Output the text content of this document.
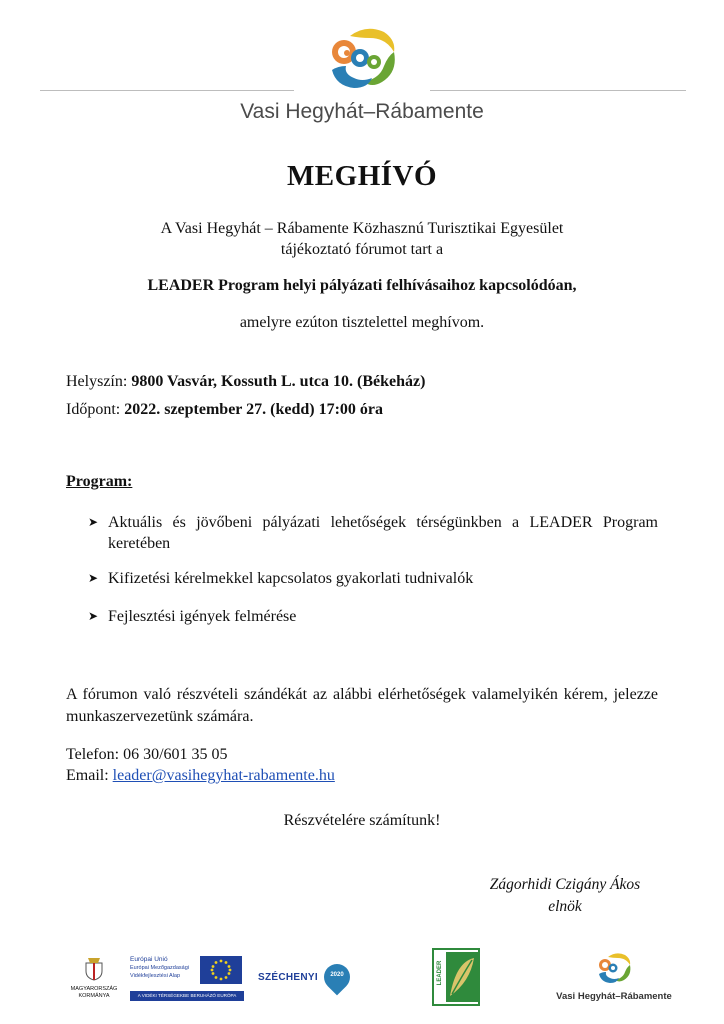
Vasi Hegyhát–Rábamente
MEGHÍVÓ
A Vasi Hegyhát – Rábamente Közhasznú Turisztikai Egyesület
tájékoztató fórumot tart a
LEADER Program helyi pályázati felhívásaihoz kapcsolódóan,
amelyre ezúton tisztelettel meghívom.
Helyszín: 9800 Vasvár, Kossuth L. utca 10. (Békeház)
Időpont: 2022. szeptember 27. (kedd) 17:00 óra
Program:
➤ Aktuális és jövőbeni pályázati lehetőségek térségünkben a LEADER Program keretében
➤ Kifizetési kérelmekkel kapcsolatos gyakorlati tudnivalók
➤ Fejlesztési igények felmérése
A fórumon való részvételi szándékát az alábbi elérhetőségek valamelyikén kérem, jelezze munkaszervezetünk számára.
Telefon: 06 30/601 35 05
Email: leader@vasihegyhat-rabamente.hu
Részvételére számítunk!
Zágorhidi Czigány Ákos
elnök
MAGYARORSZÁG
KORMÁNYA
Európai Unió
Európai Mezőgazdasági
Vidékfejlesztési Alap
A VIDÉKI TÉRSÉGEKBE BERUHÁZÓ EURÓPA
SZÉCHENYI	2020	LEADER
Vasi Hegyhát–Rábamente
